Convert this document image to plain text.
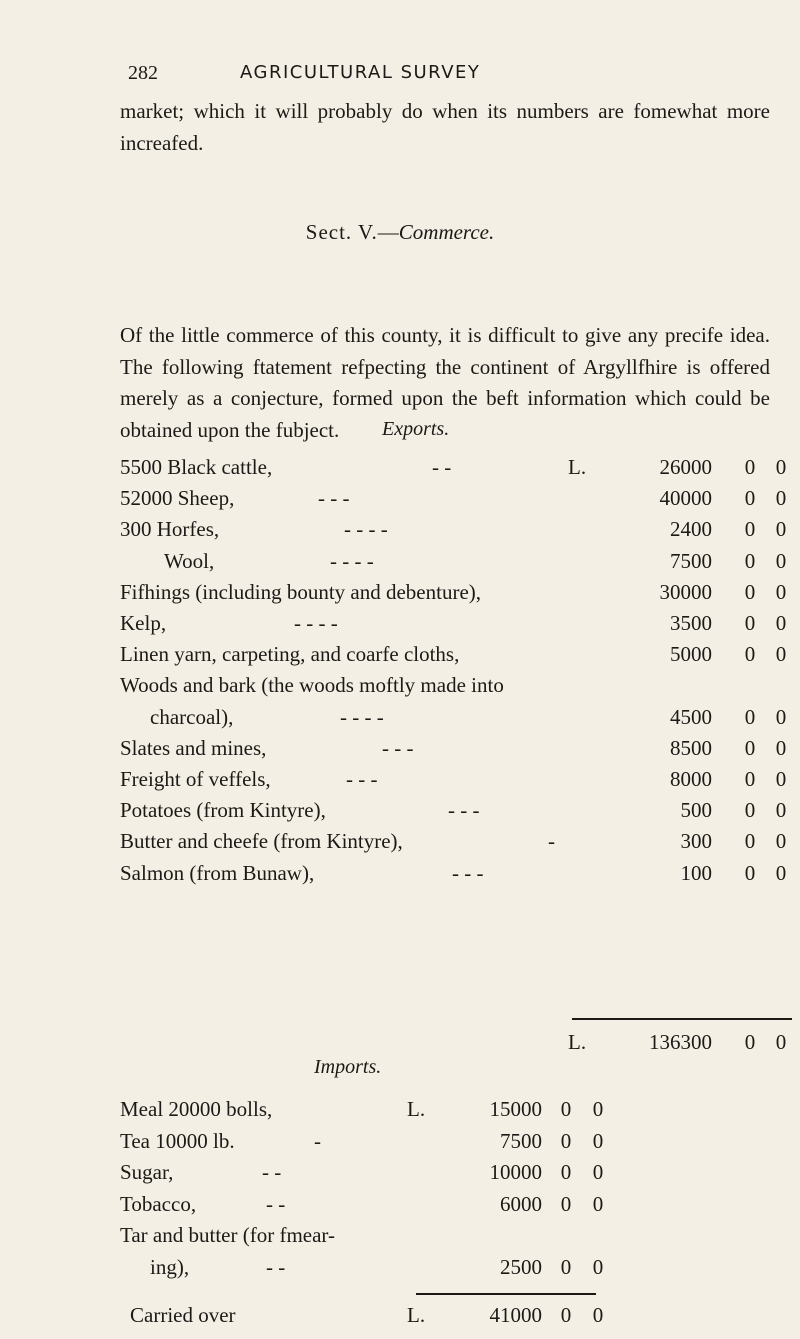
282	AGRICULTURAL SURVEY
market; which it will probably do when its numbers are fomewhat more increafed.
Sect. V.—Commerce.
Of the little commerce of this county, it is difficult to give any precife idea. The following ftatement refpecting the continent of Argyllfhire is offered merely as a conjecture, formed upon the beft information which could be obtained upon the fubject.	Exports.
5500 Black cattle,	- -	L.	26000 0 0
52000 Sheep,	- - -	40000 0 0
300 Horfes,	- - - -	2400 0 0
Wool,	- - - -	7500 0 0
Fifhings (including bounty and debenture),	30000 0 0
Kelp,	- - - -	3500 0 0
Linen yarn, carpeting, and coarfe cloths,	5000 0 0
Woods and bark (the woods moftly made into
charcoal),	- - - -	4500 0 0
Slates and mines,	- - -	8500 0 0
Freight of veffels,	- - -	8000 0 0
Potatoes (from Kintyre),	- - -	500 0 0
Butter and cheefe (from Kintyre),	-	300 0 0
Salmon (from Bunaw),	- - -	100 0 0
L.	136300 0 0
Imports.
Meal 20000 bolls,	L.	15000 0 0
Tea 10000 lb.	-	7500 0 0
Sugar,	- -	10000 0 0
Tobacco,	- -	6000 0 0
Tar and butter (for fmear-
ing),	- -	2500 0 0
Carried over	L.	41000 0 0
